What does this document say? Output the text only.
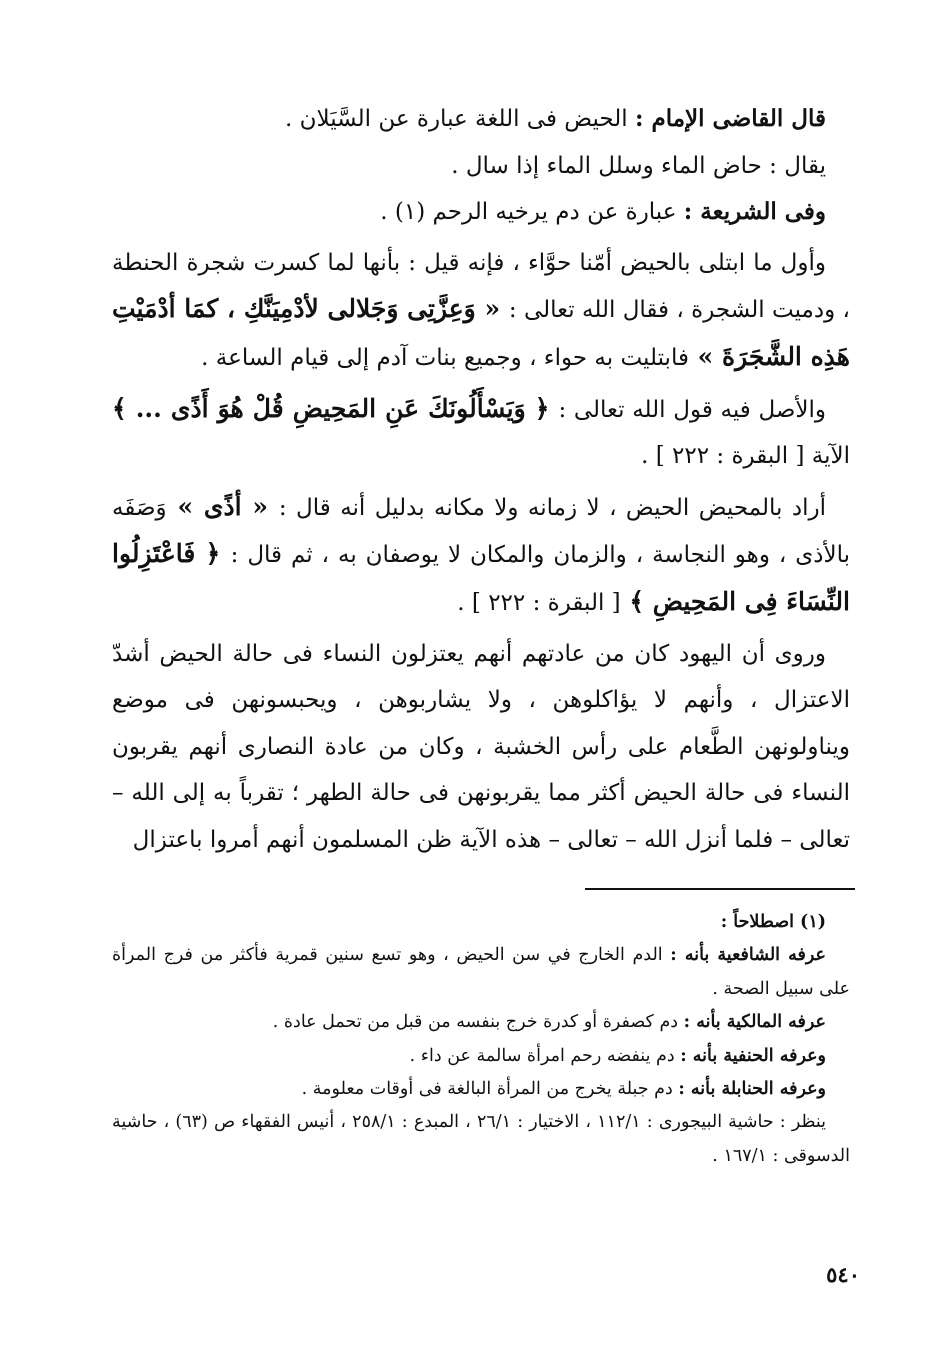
قال القاضى الإمام : الحيض فى اللغة عبارة عن السَّيَلان .

يقال : حاض الماء وسلل الماء إذا سال .

وفى الشريعة : عبارة عن دم يرخيه الرحم (١) .

وأول ما ابتلى بالحيض أمّنا حوَّاء ، فإنه قيل : بأنها لما كسرت شجرة الحنطة ، ودميت الشجرة ، فقال الله تعالى : « وَعِزَّتِى وَجَلالى لأدْمِيَنَّكِ ، كمَا أدْمَيْتِ هَذِه الشَّجَرَةَ » فابتليت به حواء ، وجميع بنات آدم إلى قيام الساعة .

والأصل فيه قول الله تعالى : ﴿ وَيَسْأَلُونَكَ عَنِ المَحِيضِ قُلْ هُوَ أَذًى ... ﴾ الآية [ البقرة : ٢٢٢ ] .

أراد بالمحيض الحيض ، لا زمانه ولا مكانه بدليل أنه قال : « أذًى » وَصَفَه بالأذى ، وهو النجاسة ، والزمان والمكان لا يوصفان به ، ثم قال : ﴿ فَاعْتَزِلُوا النِّسَاءَ فِى المَحِيضِ ﴾ [ البقرة : ٢٢٢ ] .

وروى أن اليهود كان من عادتهم أنهم يعتزلون النساء فى حالة الحيض أشدّ الاعتزال ، وأنهم لا يؤاكلوهن ، ولا يشاربوهن ، ويحبسونهن فى موضع ويناولونهن الطَّعام على رأس الخشبة ، وكان من عادة النصارى أنهم يقربون النساء فى حالة الحيض أكثر مما يقربونهن فى حالة الطهر ؛ تقرباً به إلى الله – تعالى – فلما أنزل الله – تعالى – هذه الآية ظن المسلمون أنهم أمروا باعتزال

(١) اصطلاحاً :

عرفه الشافعية بأنه : الدم الخارج في سن الحيض ، وهو تسع سنين قمرية فأكثر من فرج المرأة على سبيل الصحة .

عرفه المالكية بأنه : دم كصفرة أو كدرة خرج بنفسه من قبل من تحمل عادة .

وعرفه الحنفية بأنه : دم ينفضه رحم امرأة سالمة عن داء .

وعرفه الحنابلة بأنه : دم جبلة يخرج من المرأة البالغة فى أوقات معلومة .

ينظر : حاشية البيجورى : ١١٢/١ ، الاختيار : ٢٦/١ ، المبدع : ٢٥٨/١ ، أنيس الفقهاء ص (٦٣) ، حاشية الدسوقى : ١٦٧/١ .

٥٤٠
